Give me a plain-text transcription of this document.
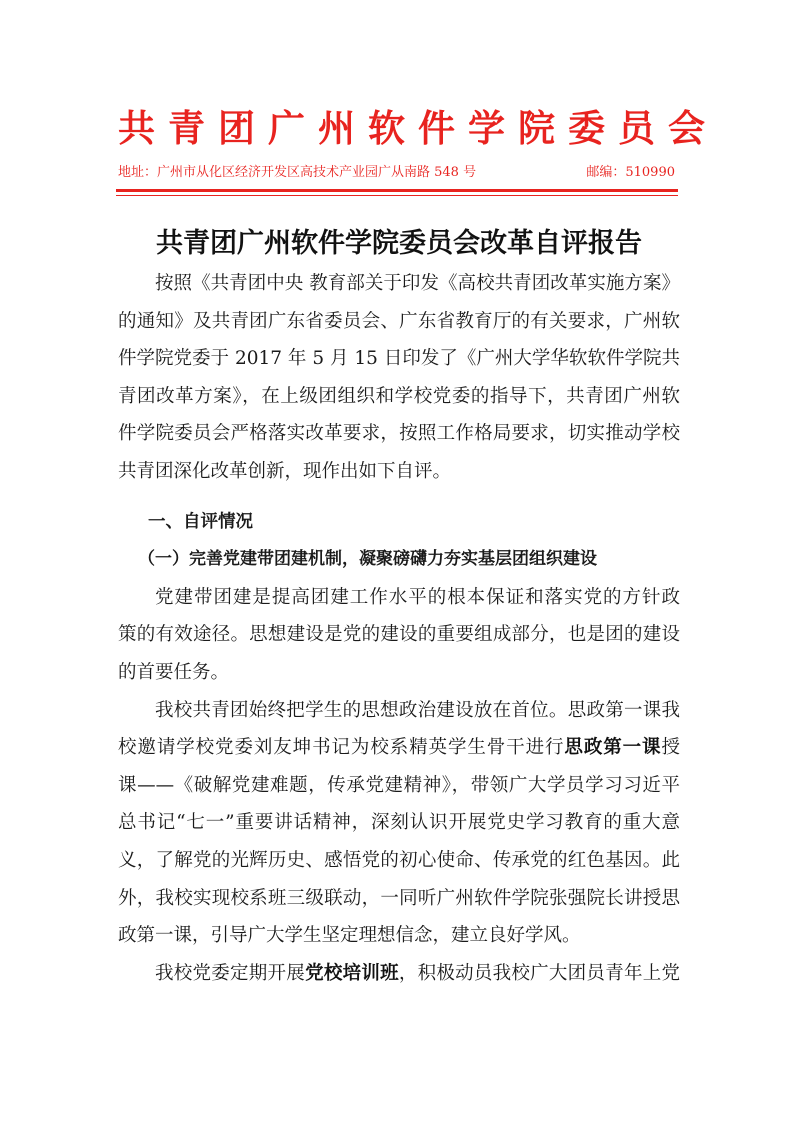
共青团广州软件学院委员会
地址：广州市从化区经济开发区高技术产业园广从南路 548 号	邮编：510990
共青团广州软件学院委员会改革自评报告
按照《共青团中央 教育部关于印发《高校共青团改革实施方案》
的通知》及共青团广东省委员会、广东省教育厅的有关要求，广州软
件学院党委于 2017 年 5 月 15 日印发了《广州大学华软软件学院共
青团改革方案》，在上级团组织和学校党委的指导下，共青团广州软
件学院委员会严格落实改革要求，按照工作格局要求，切实推动学校
共青团深化改革创新，现作出如下自评。
一、自评情况
（一）完善党建带团建机制，凝聚磅礴力夯实基层团组织建设
党建带团建是提高团建工作水平的根本保证和落实党的方针政
策的有效途径。思想建设是党的建设的重要组成部分，也是团的建设
的首要任务。
我校共青团始终把学生的思想政治建设放在首位。思政第一课我
校邀请学校党委刘友坤书记为校系精英学生骨干进行思政第一课授
课——《破解党建难题，传承党建精神》，带领广大学员学习习近平
总书记“七一”重要讲话精神，深刻认识开展党史学习教育的重大意
义，了解党的光辉历史、感悟党的初心使命、传承党的红色基因。此
外，我校实现校系班三级联动，一同听广州软件学院张强院长讲授思
政第一课，引导广大学生坚定理想信念，建立良好学风。
我校党委定期开展党校培训班，积极动员我校广大团员青年上党
